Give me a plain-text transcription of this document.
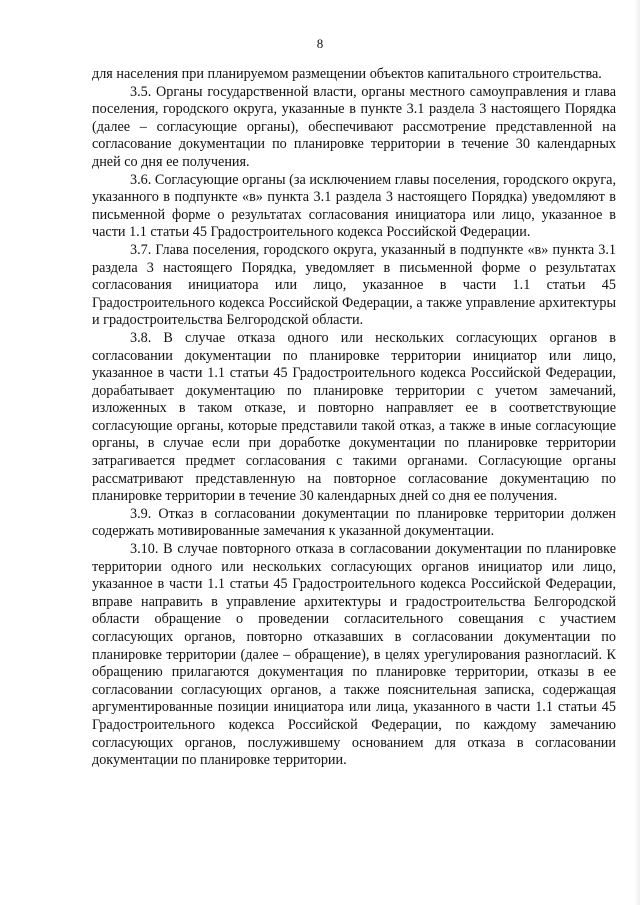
8

для населения при планируемом размещении объектов капитального строительства.

3.5. Органы государственной власти, органы местного самоуправления и глава поселения, городского округа, указанные в пункте 3.1 раздела 3 настоящего Порядка (далее – согласующие органы), обеспечивают рассмотрение представленной на согласование документации по планировке территории в течение 30 календарных дней со дня ее получения.

3.6. Согласующие органы (за исключением главы поселения, городского округа, указанного в подпункте «в» пункта 3.1 раздела 3 настоящего Порядка) уведомляют в письменной форме о результатах согласования инициатора или лицо, указанное в части 1.1 статьи 45 Градостроительного кодекса Российской Федерации.

3.7. Глава поселения, городского округа, указанный в подпункте «в» пункта 3.1 раздела 3 настоящего Порядка, уведомляет в письменной форме о результатах согласования инициатора или лицо, указанное в части 1.1 статьи 45 Градостроительного кодекса Российской Федерации, а также управление архитектуры и градостроительства Белгородской области.

3.8. В случае отказа одного или нескольких согласующих органов в согласовании документации по планировке территории инициатор или лицо, указанное в части 1.1 статьи 45 Градостроительного кодекса Российской Федерации, дорабатывает документацию по планировке территории с учетом замечаний, изложенных в таком отказе, и повторно направляет ее в соответствующие согласующие органы, которые представили такой отказ, а также в иные согласующие органы, в случае если при доработке документации по планировке территории затрагивается предмет согласования с такими органами. Согласующие органы рассматривают представленную на повторное согласование документацию по планировке территории в течение 30 календарных дней со дня ее получения.

3.9. Отказ в согласовании документации по планировке территории должен содержать мотивированные замечания к указанной документации.

3.10. В случае повторного отказа в согласовании документации по планировке территории одного или нескольких согласующих органов инициатор или лицо, указанное в части 1.1 статьи 45 Градостроительного кодекса Российской Федерации, вправе направить в управление архитектуры и градостроительства Белгородской области обращение о проведении согласительного совещания с участием согласующих органов, повторно отказавших в согласовании документации по планировке территории (далее – обращение), в целях урегулирования разногласий. К обращению прилагаются документация по планировке территории, отказы в ее согласовании согласующих органов, а также пояснительная записка, содержащая аргументированные позиции инициатора или лица, указанного в части 1.1 статьи 45 Градостроительного кодекса Российской Федерации, по каждому замечанию согласующих органов, послужившему основанием для отказа в согласовании документации по планировке территории.
